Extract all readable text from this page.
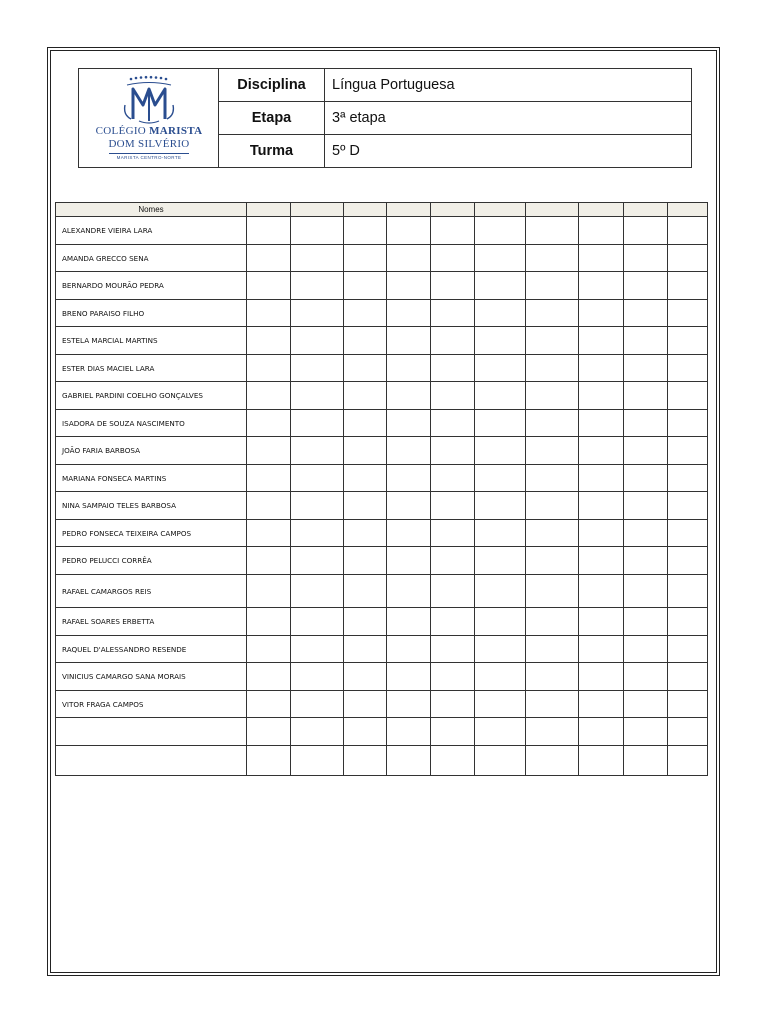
COLÉGIO MARISTA
DOM SILVÉRIO
MARISTA CENTRO-NORTE
Disciplina	Língua Portuguesa
Etapa	3ª etapa
Turma	5º D
Nomes										
ALEXANDRE VIEIRA LARA										
AMANDA GRECCO SENA										
BERNARDO MOURÃO PEDRA										
BRENO PARAISO FILHO										
ESTELA MARCIAL MARTINS										
ESTER DIAS MACIEL LARA										
GABRIEL PARDINI COELHO GONÇALVES										
ISADORA DE SOUZA NASCIMENTO										
JOÃO FARIA BARBOSA										
MARIANA FONSECA MARTINS										
NINA SAMPAIO TELES BARBOSA										
PEDRO FONSECA TEIXEIRA CAMPOS										
PEDRO PELUCCI CORRÊA										
RAFAEL CAMARGOS REIS										
RAFAEL SOARES ERBETTA										
RAQUEL D'ALESSANDRO RESENDE										
VINICIUS CAMARGO SANA MORAIS										
VITOR FRAGA CAMPOS										
